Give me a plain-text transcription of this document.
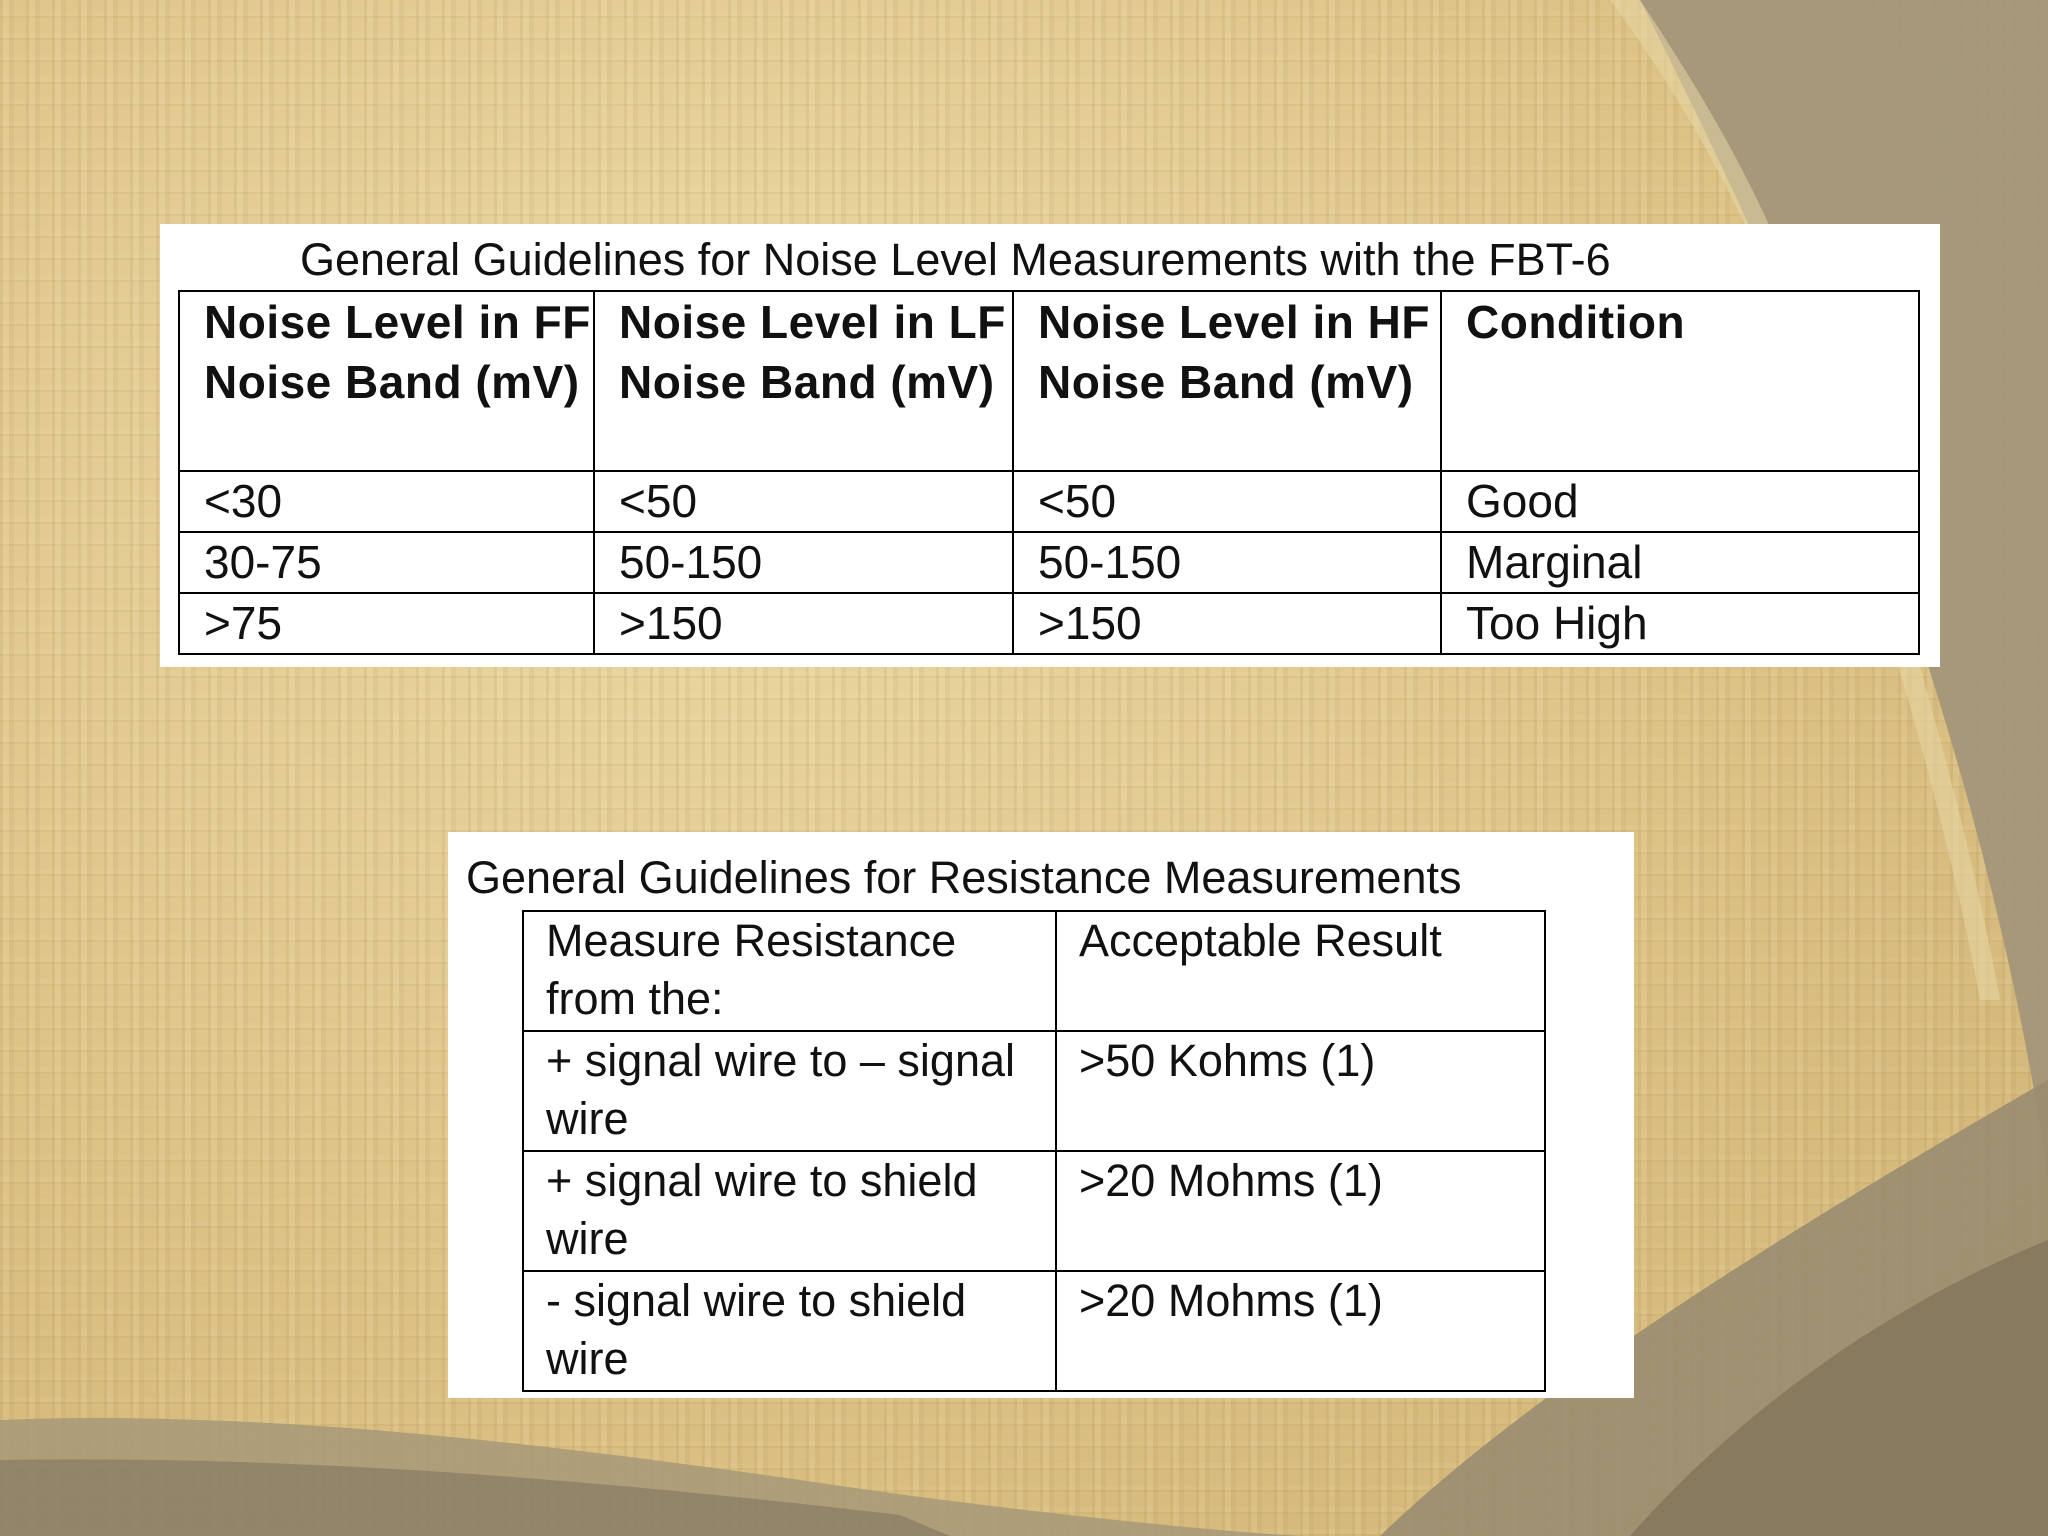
General Guidelines for Noise Level Measurements with the FBT-6
Noise Level in FF Noise Band (mV)	Noise Level in LF Noise Band (mV)	Noise Level in HF Noise Band (mV)	Condition
<30	<50	<50	Good
30-75	50-150	50-150	Marginal
>75	>150	>150	Too High
General Guidelines for Resistance Measurements
Measure Resistance from the:	Acceptable Result
+ signal wire to – signal wire	>50 Kohms (1)
+ signal wire to shield wire	>20 Mohms (1)
- signal wire to shield wire	>20 Mohms (1)
